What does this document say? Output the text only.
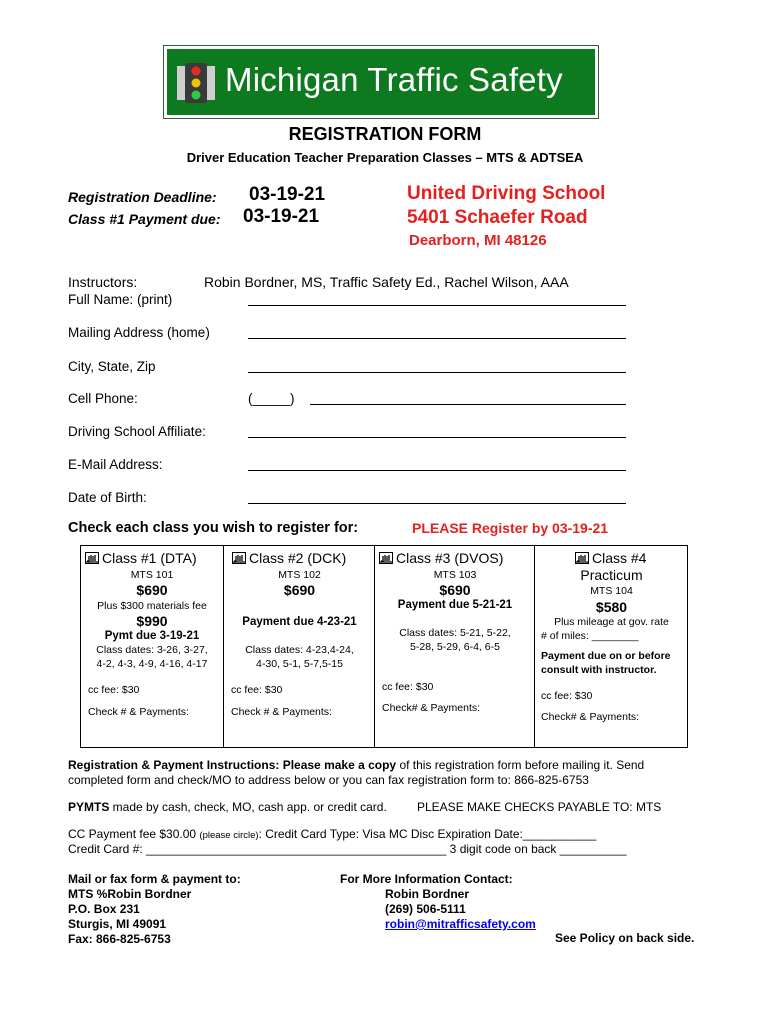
Michigan Traffic Safety
REGISTRATION FORM
Driver Education Teacher Preparation Classes – MTS & ADTSEA
Registration Deadline: 03-19-21
Class #1 Payment due: 03-19-21
United Driving School
5401 Schaefer Road
Dearborn, MI 48126
Instructors:	Robin Bordner, MS, Traffic Safety Ed., Rachel Wilson, AAA
Full Name: (print)
Mailing Address (home)
City, State, Zip
Cell Phone:	(_____)
Driving School Affiliate:
E-Mail Address:
Date of Birth:
Check each class you wish to register for:	PLEASE Register by 03-19-21
Class #1 (DTA)
MTS 101
$690
Plus $300 materials fee
$990
Pymt due 3-19-21
Class dates: 3-26, 3-27,
4-2, 4-3, 4-9, 4-16, 4-17
cc fee: $30
Check # & Payments:
Class #2 (DCK)
MTS 102
$690
Payment due 4-23-21
Class dates: 4-23,4-24,
4-30, 5-1, 5-7,5-15
cc fee: $30
Check # & Payments:
Class #3 (DVOS)
MTS 103
$690
Payment due 5-21-21
Class dates: 5-21, 5-22,
5-28, 5-29, 6-4, 6-5
cc fee: $30
Check# & Payments:
Class #4
Practicum
MTS 104
$580
Plus mileage at gov. rate
# of miles: ________
Payment due on or before
consult with instructor.
cc fee: $30
Check# & Payments:
Registration & Payment Instructions: Please make a copy of this registration form before mailing it. Send
completed form and check/MO to address below or you can fax registration form to: 866-825-6753
PYMTS made by cash, check, MO, cash app. or credit card.	PLEASE MAKE CHECKS PAYABLE TO: MTS
CC Payment fee $30.00 (please circle): Credit Card Type: Visa MC Disc Expiration Date:___________
Credit Card #: _____________________________________________ 3 digit code on back __________
Mail or fax form & payment to:
MTS %Robin Bordner
P.O. Box 231
Sturgis, MI 49091
Fax: 866-825-6753
For More Information Contact:
Robin Bordner
(269) 506-5111
robin@mitrafficsafety.com
See Policy on back side.
